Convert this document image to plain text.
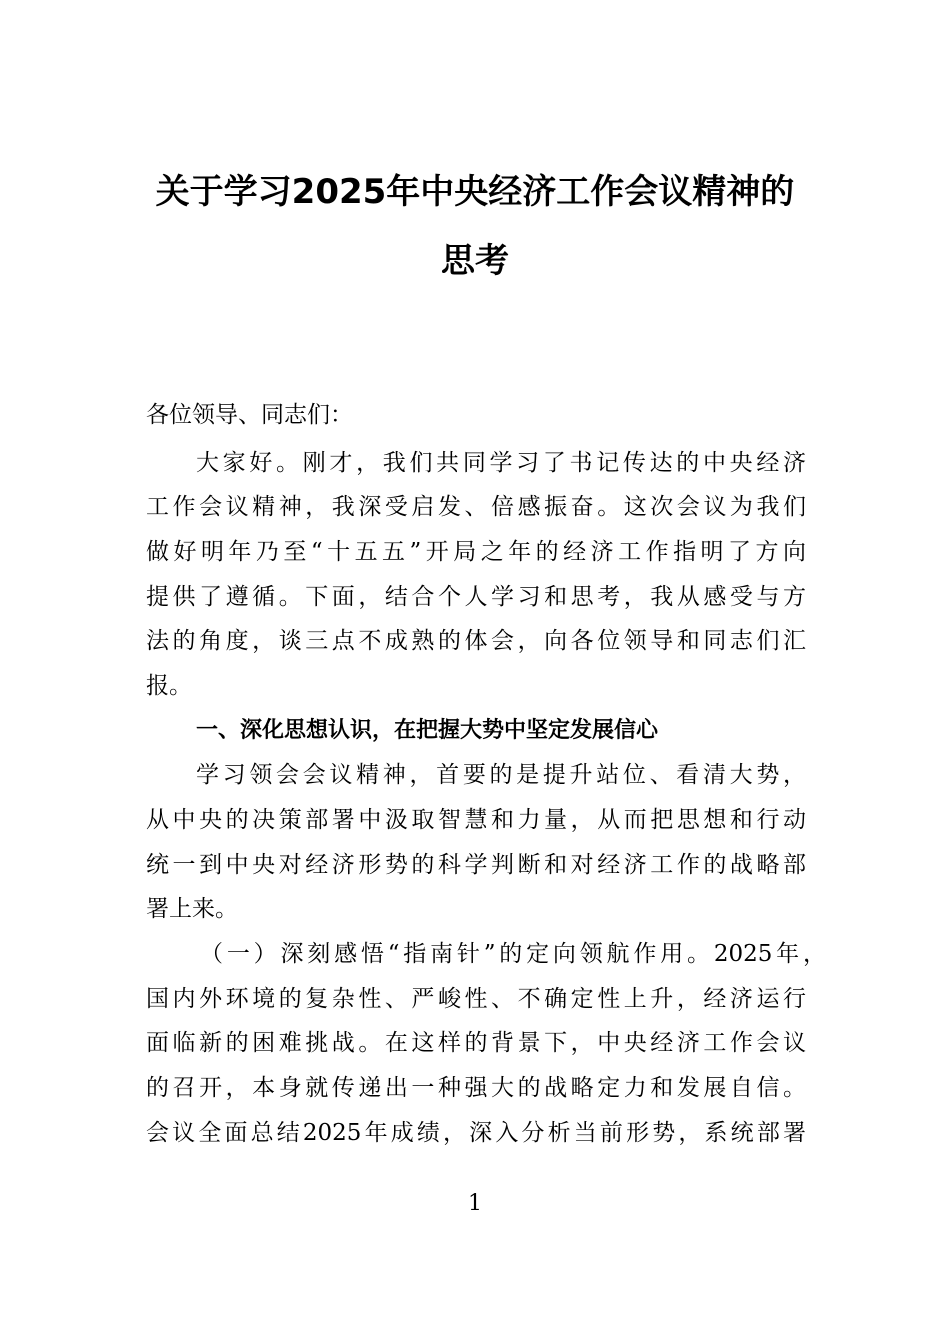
关于学习2025年中央经济工作会议精神的
思考
各位领导、同志们：
大家好。刚才，我们共同学习了书记传达的中央经济
工作会议精神，我深受启发、倍感振奋。这次会议为我们
做好明年乃至“十五五”开局之年的经济工作指明了方向
提供了遵循。下面，结合个人学习和思考，我从感受与方
法的角度，谈三点不成熟的体会，向各位领导和同志们汇
报。
一、深化思想认识，在把握大势中坚定发展信心
学习领会会议精神，首要的是提升站位、看清大势，
从中央的决策部署中汲取智慧和力量，从而把思想和行动
统一到中央对经济形势的科学判断和对经济工作的战略部
署上来。
（一）深刻感悟“指南针”的定向领航作用。2025年，
国内外环境的复杂性、严峻性、不确定性上升，经济运行
面临新的困难挑战。在这样的背景下，中央经济工作会议
的召开，本身就传递出一种强大的战略定力和发展自信。
会议全面总结2025年成绩，深入分析当前形势，系统部署
1
